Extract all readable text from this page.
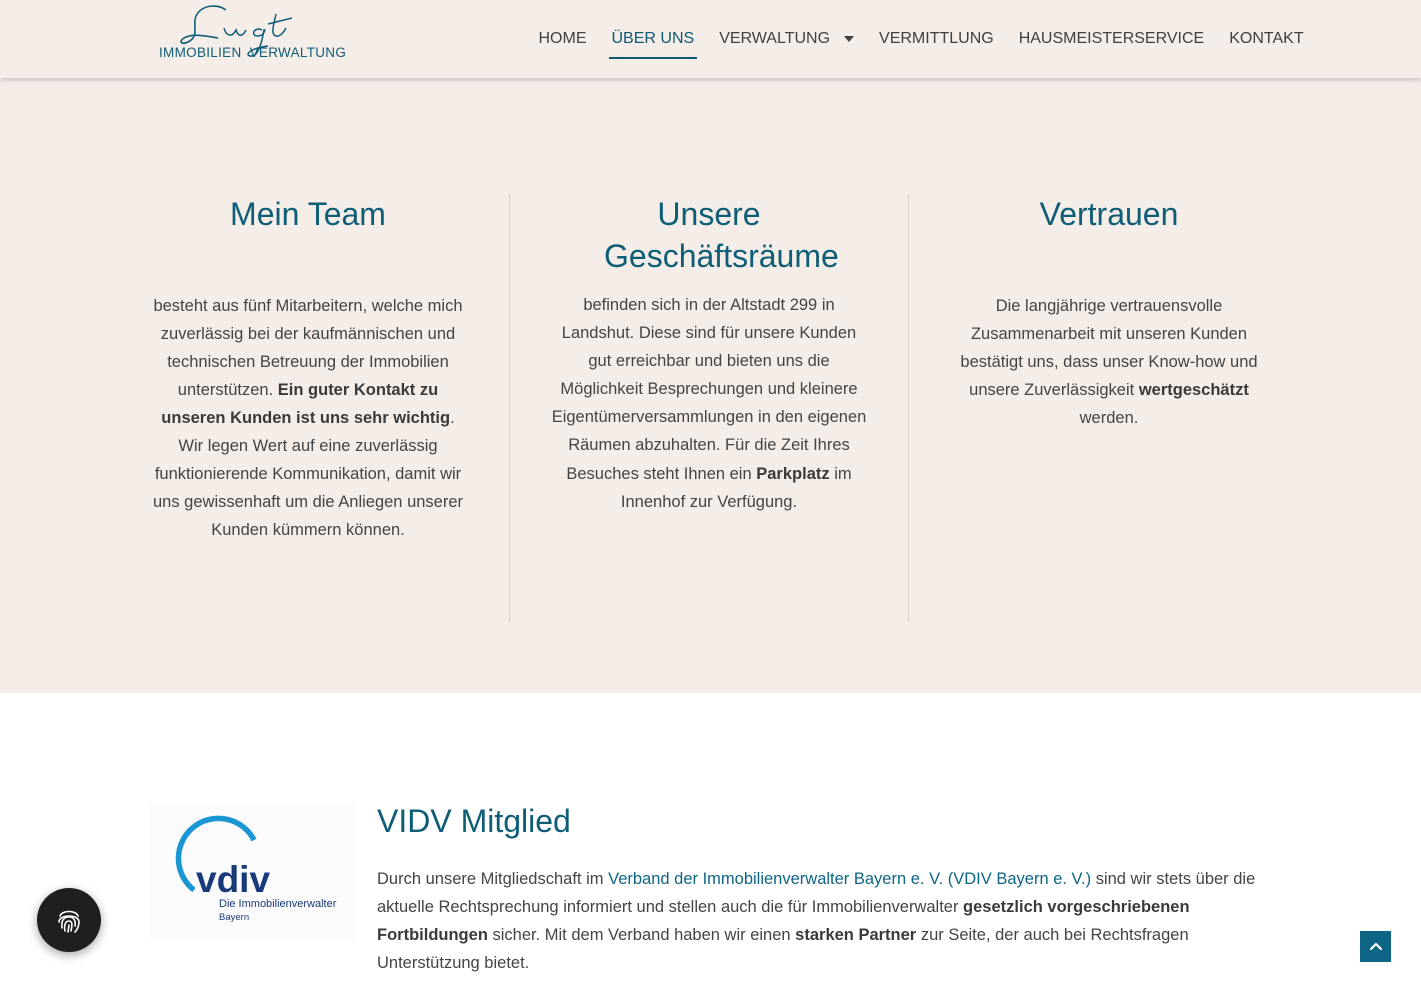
IMMOBILIEN VERWALTUNG
HOME ÜBER UNS VERWALTUNG	VERMITTLUNG HAUSMEISTERSERVICE KONTAKT
Mein Team

besteht aus fünf Mitarbeitern, welche mich zuverlässig bei der kaufmännischen und technischen Betreuung der Immobilien unterstützen. Ein guter Kontakt zu unseren Kunden ist uns sehr wichtig. Wir legen Wert auf eine zuverlässig funktionierende Kommunikation, damit wir uns gewissenhaft um die Anliegen unserer Kunden kümmern können.

Unsere Geschäftsräume

befinden sich in der Altstadt 299 in Landshut. Diese sind für unsere Kunden gut erreichbar und bieten uns die Möglichkeit Besprechungen und kleinere Eigentümerversammlungen in den eigenen Räumen abzuhalten. Für die Zeit Ihres Besuches steht Ihnen ein Parkplatz im Innenhof zur Verfügung.

Vertrauen

Die langjährige vertrauensvolle Zusammenarbeit mit unseren Kunden bestätigt uns, dass unser Know-how und unsere Zuverlässigkeit wertgeschätzt werden.

vdiv
Die Immobilienverwalter
Bayern
VIDV Mitglied

Durch unsere Mitgliedschaft im Verband der Immobilienverwalter Bayern e. V. (VDIV Bayern e. V.) sind wir stets über die aktuelle Rechtsprechung informiert und stellen auch die für Immobilienverwalter gesetzlich vorgeschriebenen Fortbildungen sicher. Mit dem Verband haben wir einen starken Partner zur Seite, der auch bei Rechtsfragen Unterstützung bietet.
